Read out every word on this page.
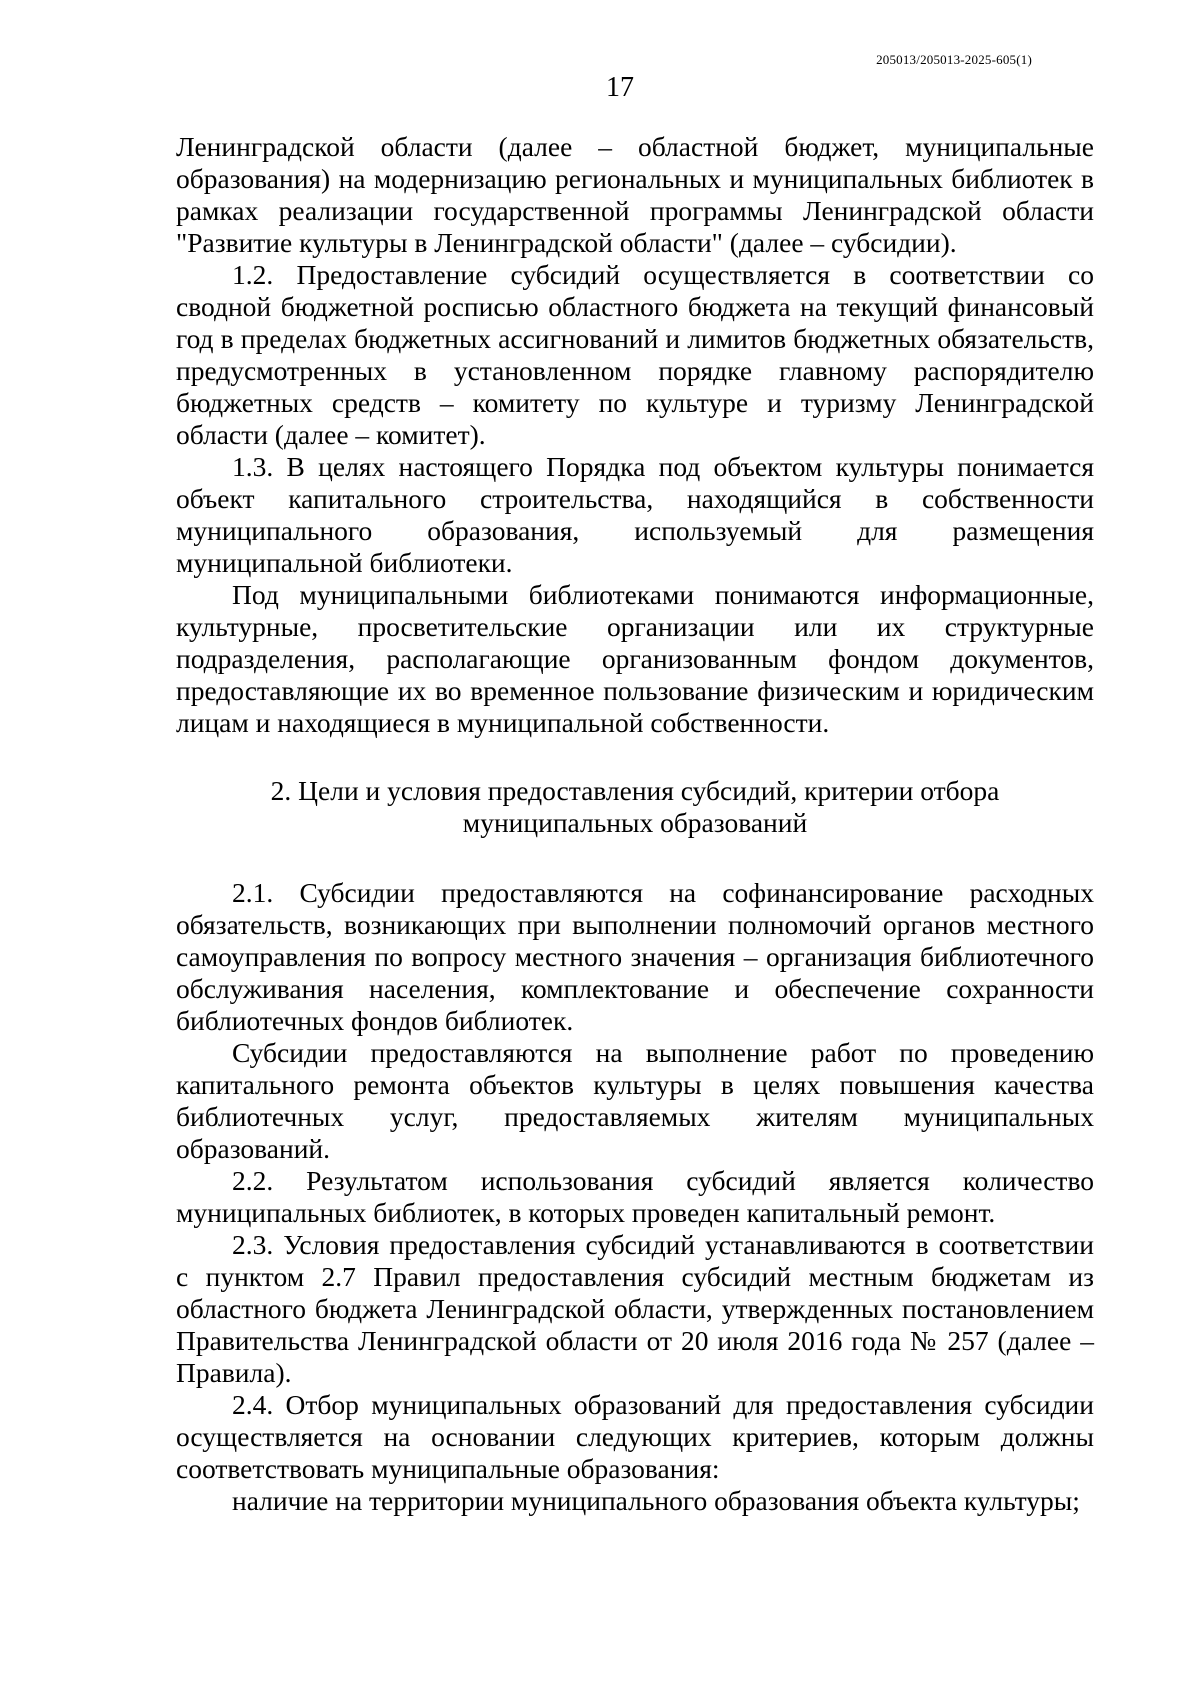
205013/205013-2025-605(1)
17

Ленинградской области (далее – областной бюджет, муниципальные образования) на модернизацию региональных и муниципальных библиотек в рамках реализации государственной программы Ленинградской области "Развитие культуры в Ленинградской области" (далее – субсидии).

1.2. Предоставление субсидий осуществляется в соответствии со сводной бюджетной росписью областного бюджета на текущий финансовый год в пределах бюджетных ассигнований и лимитов бюджетных обязательств, предусмотренных в установленном порядке главному распорядителю бюджетных средств – комитету по культуре и туризму Ленинградской области (далее – комитет).

1.3. В целях настоящего Порядка под объектом культуры понимается объект капитального строительства, находящийся в собственности муниципального образования, используемый для размещения муниципальной библиотеки.

Под муниципальными библиотеками понимаются информационные, культурные, просветительские организации или их структурные подразделения, располагающие организованным фондом документов, предоставляющие их во временное пользование физическим и юридическим лицам и находящиеся в муниципальной собственности.

2. Цели и условия предоставления субсидий, критерии отбора
муниципальных образований

2.1. Субсидии предоставляются на софинансирование расходных обязательств, возникающих при выполнении полномочий органов местного самоуправления по вопросу местного значения – организация библиотечного обслуживания населения, комплектование и обеспечение сохранности библиотечных фондов библиотек.

Субсидии предоставляются на выполнение работ по проведению капитального ремонта объектов культуры в целях повышения качества библиотечных услуг, предоставляемых жителям муниципальных образований.

2.2. Результатом использования субсидий является количество муниципальных библиотек, в которых проведен капитальный ремонт.

2.3. Условия предоставления субсидий устанавливаются в соответствии с пунктом 2.7 Правил предоставления субсидий местным бюджетам из областного бюджета Ленинградской области, утвержденных постановлением Правительства Ленинградской области от 20 июля 2016 года № 257 (далее – Правила).

2.4. Отбор муниципальных образований для предоставления субсидии осуществляется на основании следующих критериев, которым должны соответствовать муниципальные образования:

наличие на территории муниципального образования объекта культуры;
